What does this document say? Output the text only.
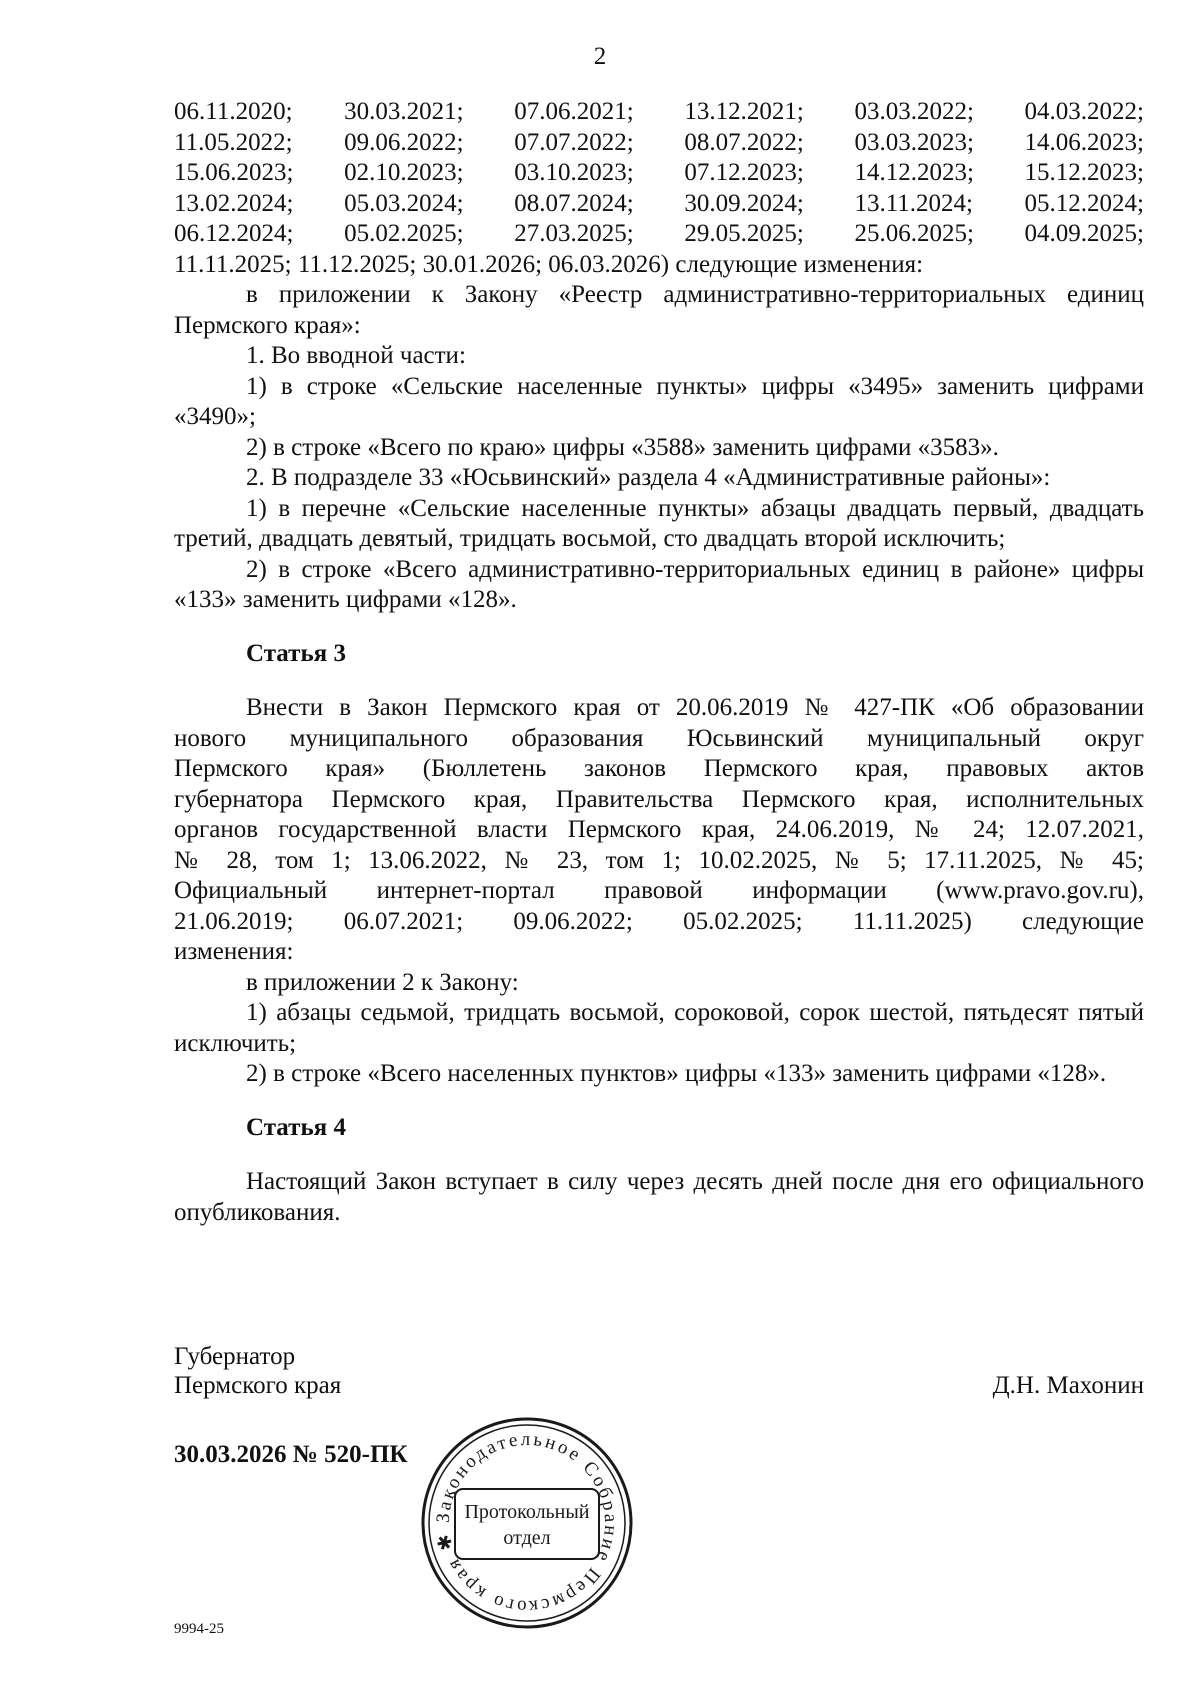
2
06.11.2020; 30.03.2021; 07.06.2021; 13.12.2021; 03.03.2022; 04.03.2022;
11.05.2022; 09.06.2022; 07.07.2022; 08.07.2022; 03.03.2023; 14.06.2023;
15.06.2023; 02.10.2023; 03.10.2023; 07.12.2023; 14.12.2023; 15.12.2023;
13.02.2024; 05.03.2024; 08.07.2024; 30.09.2024; 13.11.2024; 05.12.2024;
06.12.2024; 05.02.2025; 27.03.2025; 29.05.2025; 25.06.2025; 04.09.2025;

11.11.2025; 11.12.2025; 30.01.2026; 06.03.2026) следующие изменения:

в приложении к Закону «Реестр административно-территориальных единиц Пермского края»:

1. Во вводной части:

1) в строке «Сельские населенные пункты» цифры «3495» заменить цифрами «3490»;

2) в строке «Всего по краю» цифры «3588» заменить цифрами «3583».

2. В подразделе 33 «Юсьвинский» раздела 4 «Административные районы»:

1) в перечне «Сельские населенные пункты» абзацы двадцать первый, двадцать третий, двадцать девятый, тридцать восьмой, сто двадцать второй исключить;

2) в строке «Всего административно-территориальных единиц в районе» цифры «133» заменить цифрами «128».

Статья 3

Внести в Закон Пермского края от 20.06.2019 № 427-ПК «Об образовании

нового муниципального образования Юсьвинский муниципальный округ

Пермского края» (Бюллетень законов Пермского края, правовых актов

губернатора Пермского края, Правительства Пермского края, исполнительных

органов государственной власти Пермского края, 24.06.2019, № 24; 12.07.2021,

№ 28, том 1; 13.06.2022, № 23, том 1; 10.02.2025, № 5; 17.11.2025, № 45;

Официальный интернет-портал правовой информации (www.pravo.gov.ru),

21.06.2019; 06.07.2021; 09.06.2022; 05.02.2025; 11.11.2025) следующие

изменения:

в приложении 2 к Закону:

1) абзацы седьмой, тридцать восьмой, сороковой, сорок шестой, пятьдесят пятый исключить;

2) в строке «Всего населенных пунктов» цифры «133» заменить цифрами «128».

Статья 4

Настоящий Закон вступает в силу через десять дней после дня его официального опубликования.

Губернатор
Пермского края	Д.Н. Махонин
30.03.2026 № 520-ПК
Законодательное Собрание Пермского края ✱
Протокольный
отдел
9994-25
